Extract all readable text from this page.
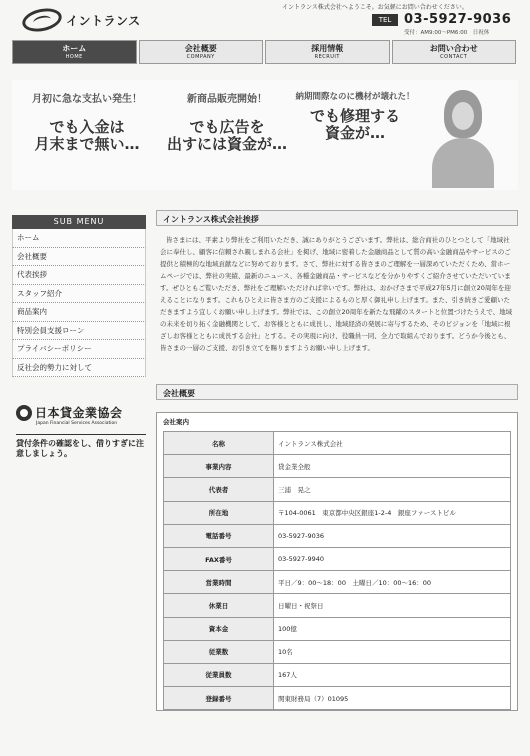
イントランス
イントランス株式会社へようこそ。お気軽にお問い合わせください。
TEL 03-5927-9036
受付：AM9:00〜PM6:00　日祝休
ホーム
HOME
会社概要
COMPANY
採用情報
RECRUIT
お問い合わせ
CONTACT
月初に急な支払い発生！
でも入金は
月末まで無い…
新商品販売開始！
でも広告を
出すには資金が…
納期間際なのに機材が壊れた！
でも修理する
資金が…
SUB MENU
ホーム
会社概要
代表挨拶
スタッフ紹介
商品案内
特別会員支援ローン
プライバシーポリシー
反社会的勢力に対して
日本貸金業協会
Japan Financial Services Association
貸付条件の確認をし、借りすぎに注意しましょう。
イントランス株式会社挨拶
皆さまには、平素より弊社をご利用いただき、誠にありがとうございます。弊社は、総合商社のひとつとして「地域社会に奉仕し、顧客に信頼され親しまれる会社」を掲げ、地域に密着した金融商品として質の高い金融商品やサービスのご提供と積極的な地域貢献などに努めております。さて、弊社に対する皆さまのご理解を一層深めていただくため、當ホームページでは、弊社の実績、最新のニュース、各種金融商品・サービスなどを分かりやすくご紹介させていただいています。ぜひともご覧いただき、弊社をご理解いただければ幸いです。弊社は、おかげさまで平成27年5月に創立20周年を迎えることになります。これもひとえに皆さま方のご支援によるものと厚く御礼申し上げます。また、引き続きご愛顧いただきますよう宜しくお願い申し上げます。弊社では、この創立20周年を新たな飛躍のスタートと位置づけたうえで、地域の未来を切り拓く金融機関として、お客様とともに成長し、地域経済の発展に寄与するため、そのビジョンを「地域に根ざしお客様とともに成長する会社」とする。その実現に向け、役職員一同、全力で取組んでおります。どうか今後とも、皆さまの一層のご支援、お引き立てを賜りますようお願い申し上げます。
会社概要
会社案内
名称	イントランス株式会社
事業内容	貸金業全般
代表者	三浦　晃之
所在地	〒104-0061　東京都中央区銀座1-2-4　銀座ファーストビル
電話番号	03-5927-9036
FAX番号	03-5927-9940
営業時間	平日／9：00〜18：00　土曜日／10：00〜16：00
休業日	日曜日・祝祭日
資本金	100億
従業数	10名
従業員数	167人
登録番号	関東財務局（7）01095
